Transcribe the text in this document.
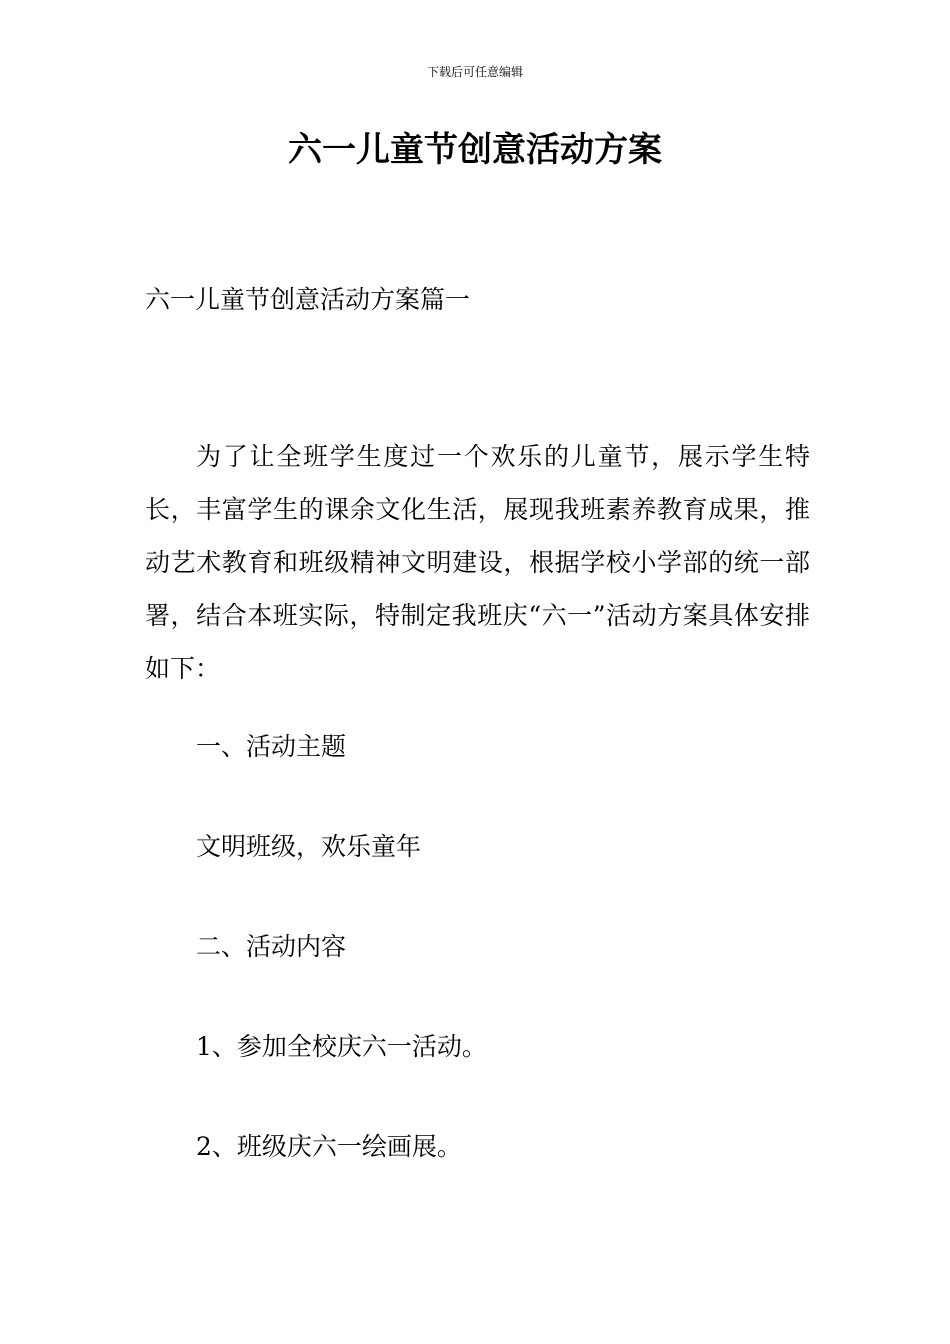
下载后可任意编辑
六一儿童节创意活动方案
六一儿童节创意活动方案篇一

为了让全班学生度过一个欢乐的儿童节，展示学生特长，丰富学生的课余文化生活，展现我班素养教育成果，推动艺术教育和班级精神文明建设，根据学校小学部的统一部署，结合本班实际，特制定我班庆“六一”活动方案具体安排如下：

一、活动主题
文明班级，欢乐童年
二、活动内容
1、参加全校庆六一活动。
2、班级庆六一绘画展。
